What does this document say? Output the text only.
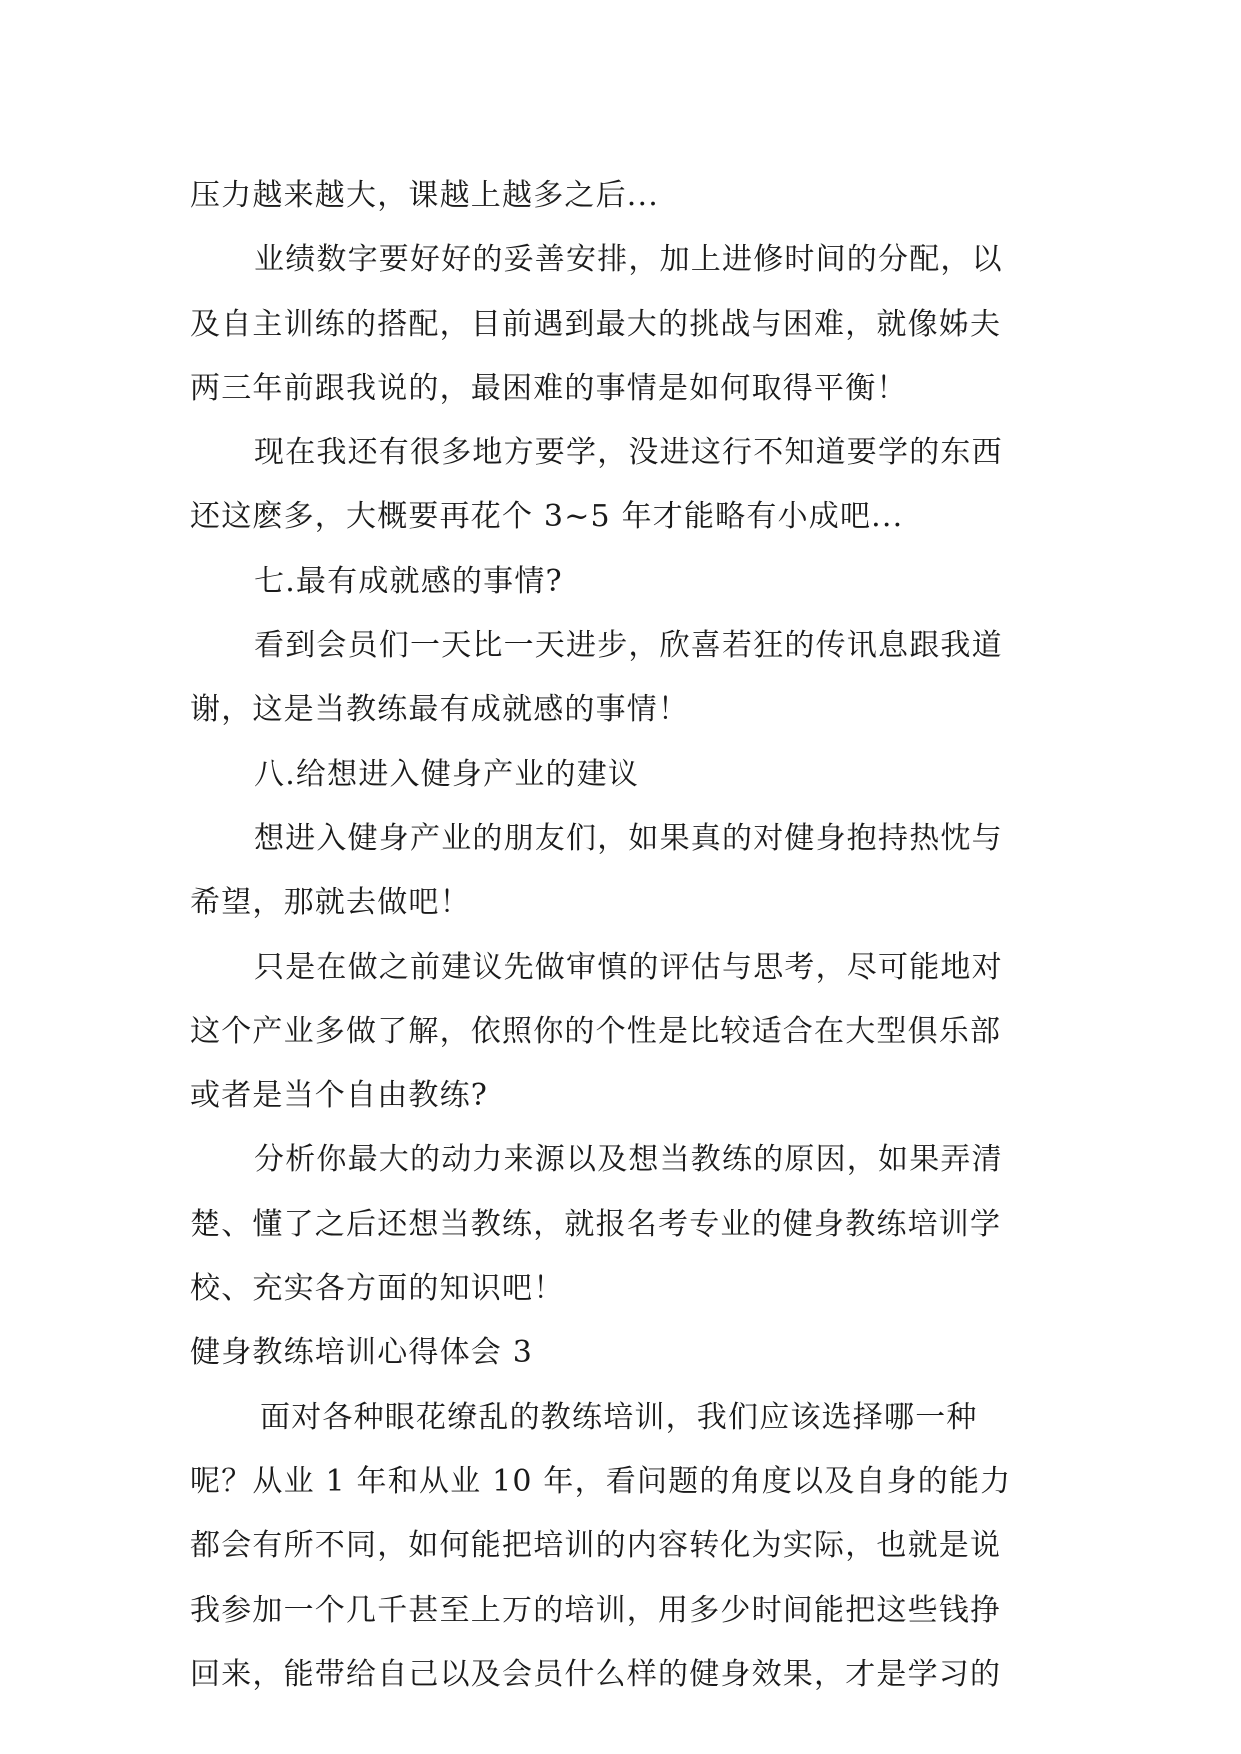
压力越来越大，课越上越多之后...
业绩数字要好好的妥善安排，加上进修时间的分配，以
及自主训练的搭配，目前遇到最大的挑战与困难，就像姊夫
两三年前跟我说的，最困难的事情是如何取得平衡！
现在我还有很多地方要学，没进这行不知道要学的东西
还这麽多，大概要再花个 3~5 年才能略有小成吧...
七.最有成就感的事情?
看到会员们一天比一天进步，欣喜若狂的传讯息跟我道
谢，这是当教练最有成就感的事情！
八.给想进入健身产业的建议
想进入健身产业的朋友们，如果真的对健身抱持热忱与
希望，那就去做吧！
只是在做之前建议先做审慎的评估与思考，尽可能地对
这个产业多做了解，依照你的个性是比较适合在大型俱乐部
或者是当个自由教练?
分析你最大的动力来源以及想当教练的原因，如果弄清
楚、懂了之后还想当教练，就报名考专业的健身教练培训学
校、充实各方面的知识吧！
健身教练培训心得体会 3
面对各种眼花缭乱的教练培训，我们应该选择哪一种
呢？从业 1 年和从业 10 年，看问题的角度以及自身的能力
都会有所不同，如何能把培训的内容转化为实际，也就是说
我参加一个几千甚至上万的培训，用多少时间能把这些钱挣
回来，能带给自己以及会员什么样的健身效果，才是学习的
